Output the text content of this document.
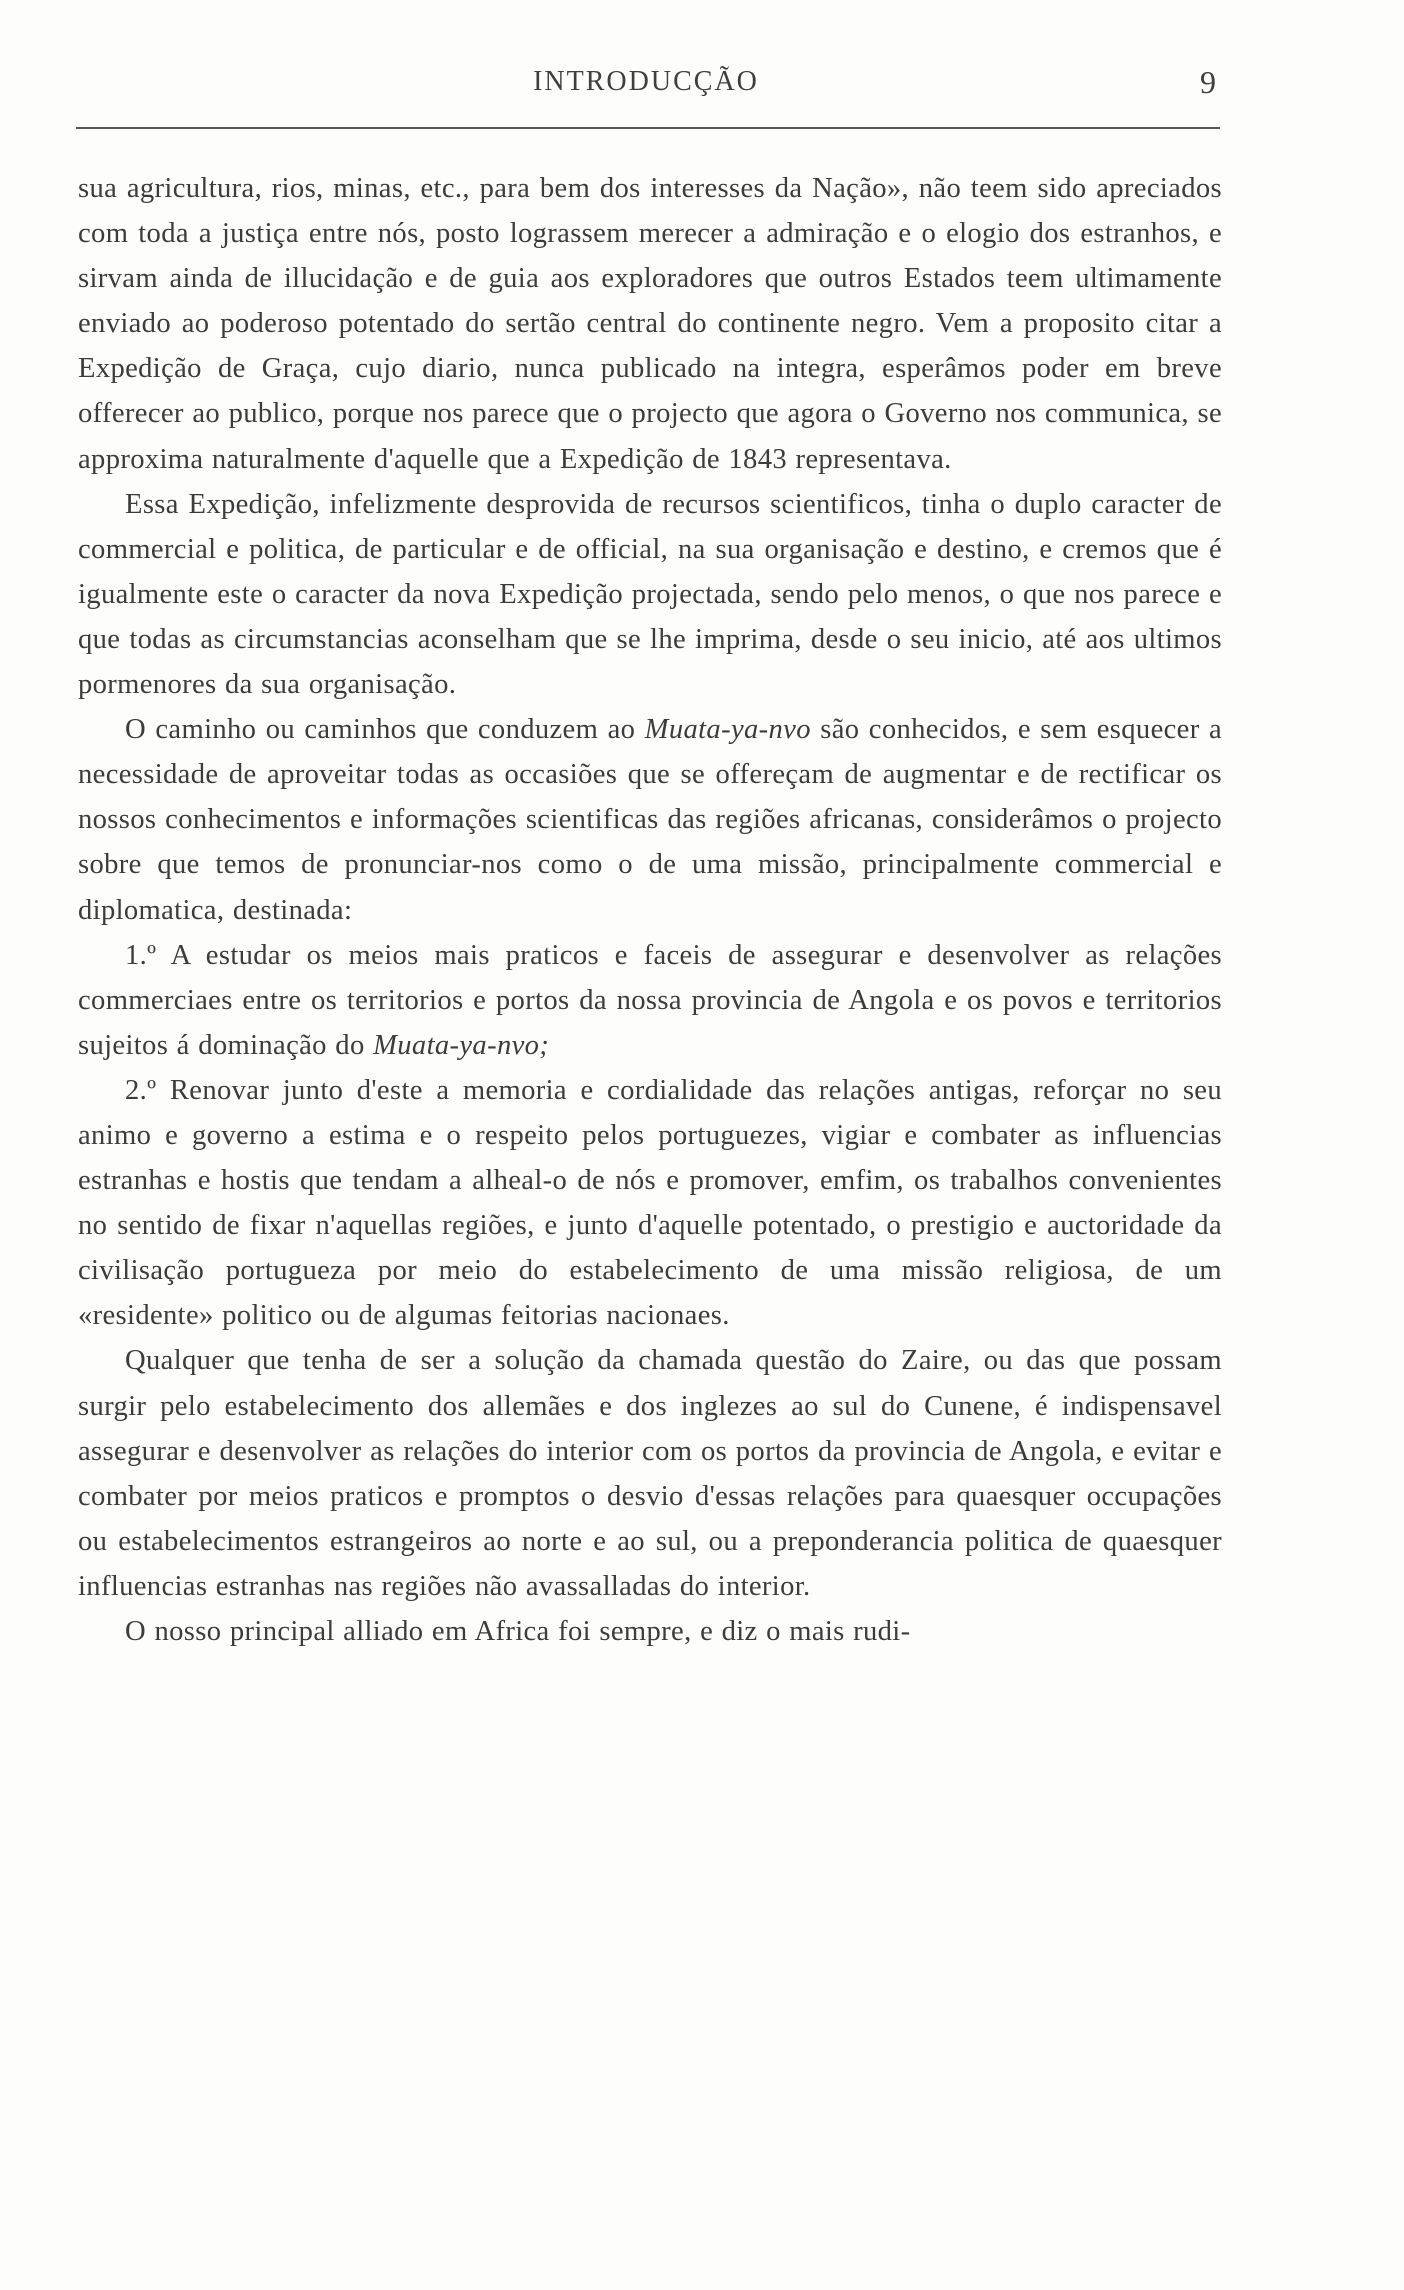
INTRODUCÇÃO	9

sua agricultura, rios, minas, etc., para bem dos interesses da Nação», não teem sido apreciados com toda a justiça entre nós, posto lograssem merecer a admiração e o elogio dos estranhos, e sirvam ainda de illucidação e de guia aos exploradores que outros Estados teem ultimamente enviado ao poderoso potentado do sertão central do continente negro. Vem a proposito citar a Expedição de Graça, cujo diario, nunca publicado na integra, esperâmos poder em breve offerecer ao publico, porque nos parece que o projecto que agora o Governo nos communica, se approxima naturalmente d'aquelle que a Expedição de 1843 representava.

Essa Expedição, infelizmente desprovida de recursos scientificos, tinha o duplo caracter de commercial e politica, de particular e de official, na sua organisação e destino, e cremos que é igualmente este o caracter da nova Expedição projectada, sendo pelo menos, o que nos parece e que todas as circumstancias aconselham que se lhe imprima, desde o seu inicio, até aos ultimos pormenores da sua organisação.

O caminho ou caminhos que conduzem ao Muata-ya-nvo são conhecidos, e sem esquecer a necessidade de aproveitar todas as occasiões que se offereçam de augmentar e de rectificar os nossos conhecimentos e informações scientificas das regiões africanas, considerâmos o projecto sobre que temos de pronunciar-nos como o de uma missão, principalmente commercial e diplomatica, destinada:

1.º A estudar os meios mais praticos e faceis de assegurar e desenvolver as relações commerciaes entre os territorios e portos da nossa provincia de Angola e os povos e territorios sujeitos á dominação do Muata-ya-nvo;

2.º Renovar junto d'este a memoria e cordialidade das relações antigas, reforçar no seu animo e governo a estima e o respeito pelos portuguezes, vigiar e combater as influencias estranhas e hostis que tendam a alheal-o de nós e promover, emfim, os trabalhos convenientes no sentido de fixar n'aquellas regiões, e junto d'aquelle potentado, o prestigio e auctoridade da civilisação portugueza por meio do estabelecimento de uma missão religiosa, de um «residente» politico ou de algumas feitorias nacionaes.

Qualquer que tenha de ser a solução da chamada questão do Zaire, ou das que possam surgir pelo estabelecimento dos allemães e dos inglezes ao sul do Cunene, é indispensavel assegurar e desenvolver as relações do interior com os portos da provincia de Angola, e evitar e combater por meios praticos e promptos o desvio d'essas relações para quaesquer occupações ou estabelecimentos estrangeiros ao norte e ao sul, ou a preponderancia politica de quaesquer influencias estranhas nas regiões não avassalladas do interior.

O nosso principal alliado em Africa foi sempre, e diz o mais rudi-
